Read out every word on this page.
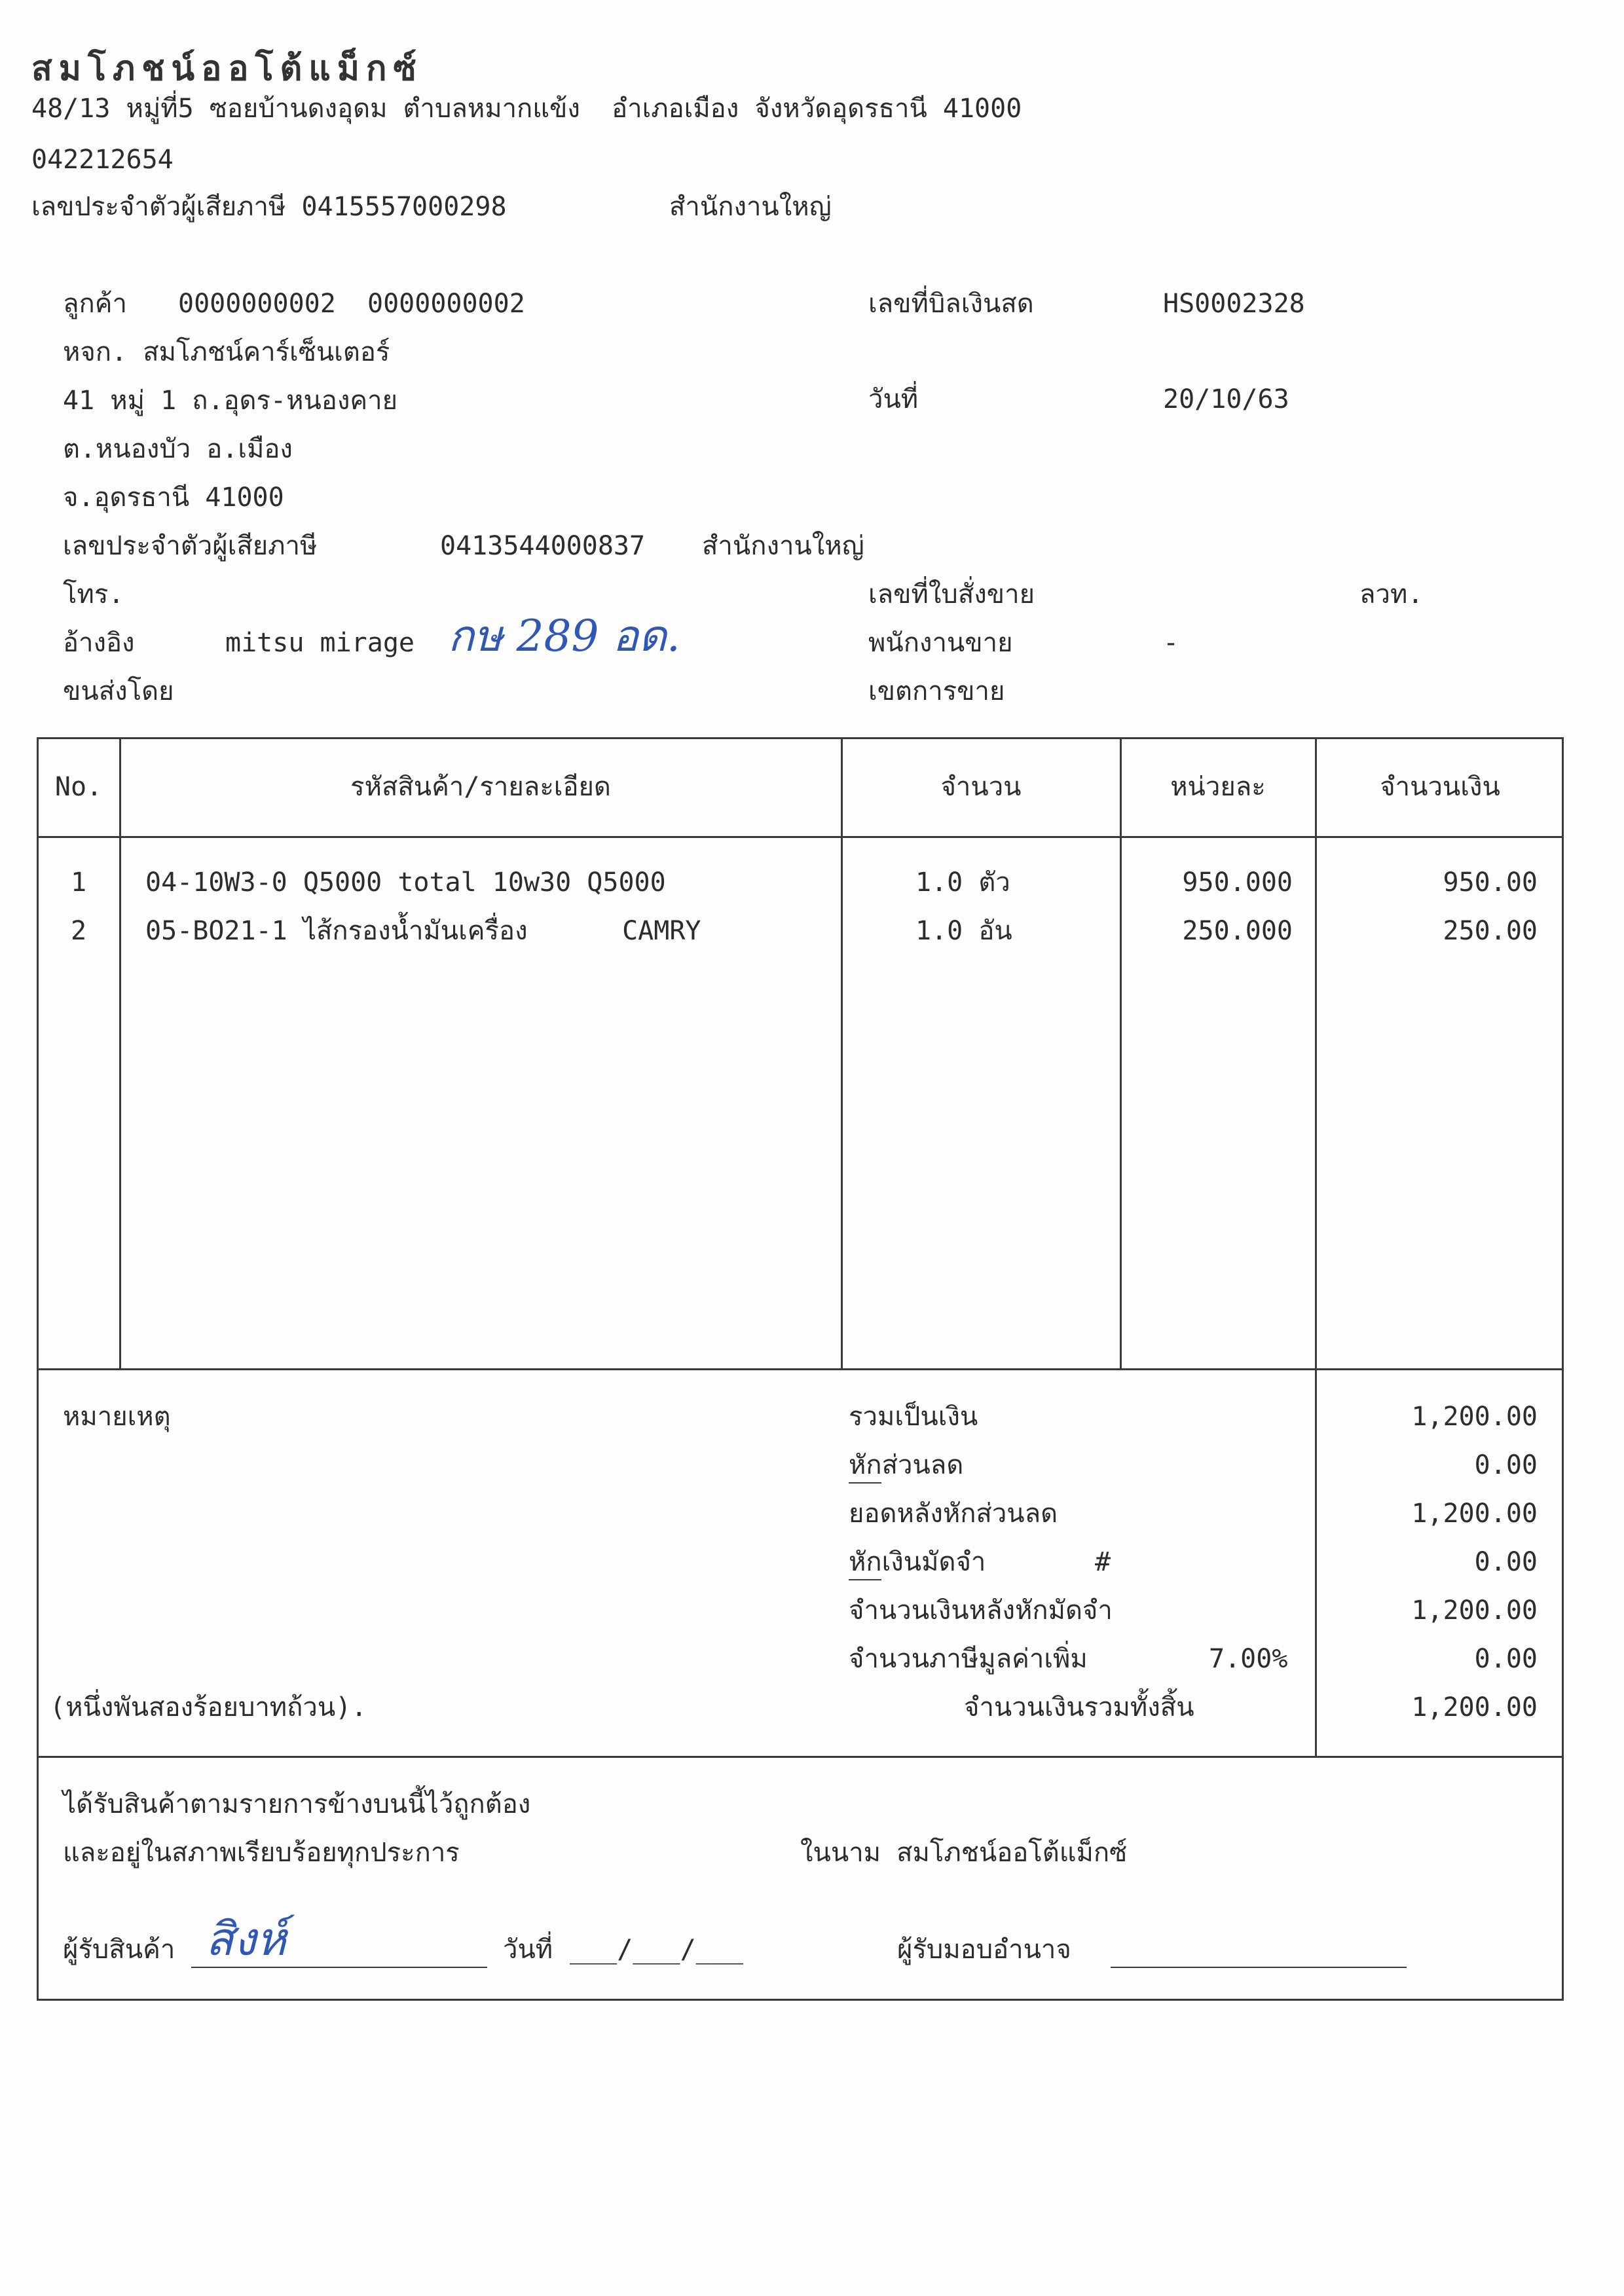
สมโภชน์ออโต้แม็กซ์
48/13 หมู่ที่5 ซอยบ้านดงอุดม ตำบลหมากแข้ง  อำเภอเมือง จังหวัดอุดรธานี 41000
042212654
เลขประจำตัวผู้เสียภาษี 0415557000298	สำนักงานใหญ่
ลูกค้า 0000000002  0000000002
หจก. สมโภชน์คาร์เซ็นเตอร์
41 หมู่ 1 ถ.อุดร-หนองคาย
ต.หนองบัว อ.เมือง
จ.อุดรธานี 41000
เลขประจำตัวผู้เสียภาษี	0413544000837 สำนักงานใหญ่
โทร.
อ้างอิง	mitsu mirage กษ 289 อด.
ขนส่งโดย
เลขที่บิลเงินสด	HS0002328
วันที่	20/10/63
เลขที่ใบสั่งขาย	ลวท.
พนักงานขาย	-
เขตการขาย
No.	รหัสสินค้า/รายละเอียด	จำนวน	หน่วยละ	จำนวนเงิน
1	04-10W3-0 Q5000 total 10w30 Q5000	1.0 ตัว	950.000	950.00
2	05-BO21-1 ไส้กรองน้ำมันเครื่อง      CAMRY	1.0 อัน	250.000	250.00
หมายเหตุ
(หนึ่งพันสองร้อยบาทถ้วน).
รวมเป็นเงิน	1,200.00
หักส่วนลด	0.00
ยอดหลังหักส่วนลด	1,200.00
หักเงินมัดจำ	#	0.00
จำนวนเงินหลังหักมัดจำ	1,200.00
จำนวนภาษีมูลค่าเพิ่ม	7.00%	0.00
จำนวนเงินรวมทั้งสิ้น	1,200.00
ได้รับสินค้าตามรายการข้างบนนี้ไว้ถูกต้อง
และอยู่ในสภาพเรียบร้อยทุกประการ	ในนาม สมโภชน์ออโต้แม็กซ์
ผู้รับสินค้า สิงห์	วันที่ ___/___/___	ผู้รับมอบอำนาจ
